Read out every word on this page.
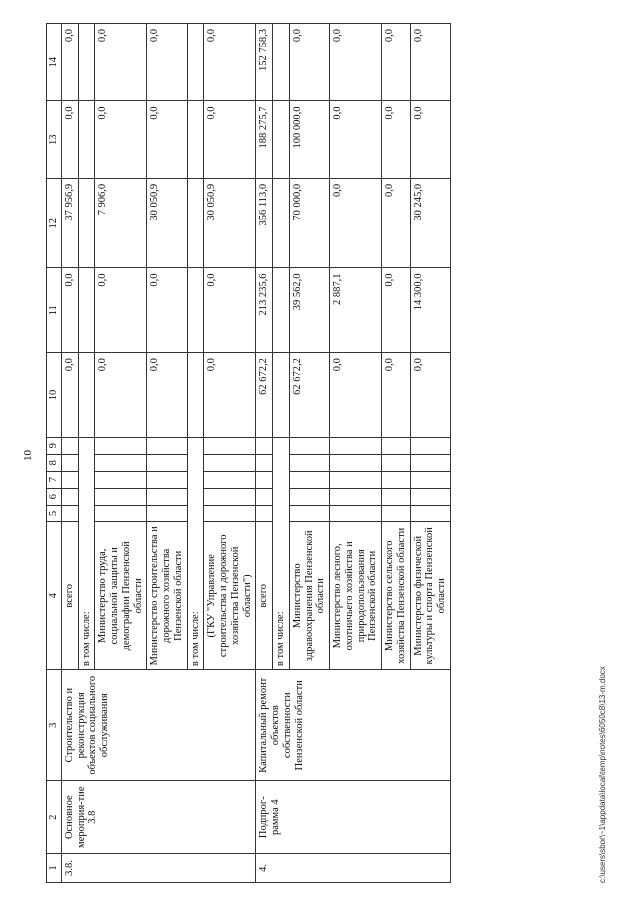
10
1	2	3	4	5	6	7	8	9	10	11	12	13	14
3.8.	Основное мероприя-тие 3.8	Строительство и реконструкция объектов социального обслуживания	всего						0,0	0,0	37 956,9	0,0	0,0
			в том числе:										
			Министерство труда, социальной защиты и демографии Пензенской области						0,0	0,0	7 906,0	0,0	0,0
			Министерство строительства и дорожного хозяйства Пензенской области						0,0	0,0	30 050,9	0,0	0,0
			в том числе:										
			(ГКУ "Управление строительства и дорожного хозяйства Пензенской области")						0,0	0,0	30 050,9	0,0	0,0
4.	Подпрог-рамма 4	Капитальный ремонт объектов собственности Пензенской области	всего						62 672,2	213 235,6	356 113,0	188 275,7	152 758,3
			в том числе:										
			Министерство здравоохранения Пензенской области						62 672,2	39 562,0	70 000,0	100 000,0	0,0
			Министерство лесного, охотничьего хозяйства и природопользования Пензенской области						0,0	2 887,1	0,0	0,0	0,0
			Министерство сельского хозяйства Пензенской области						0,0	0,0	0,0	0,0	0,0
			Министерство физической культуры и спорта Пензенской области						0,0	14 300,0	30 245,0	0,0	0,0
c:\users\sbor\~1\appdata\local\temp\notes\6050c8\13-m.docx
